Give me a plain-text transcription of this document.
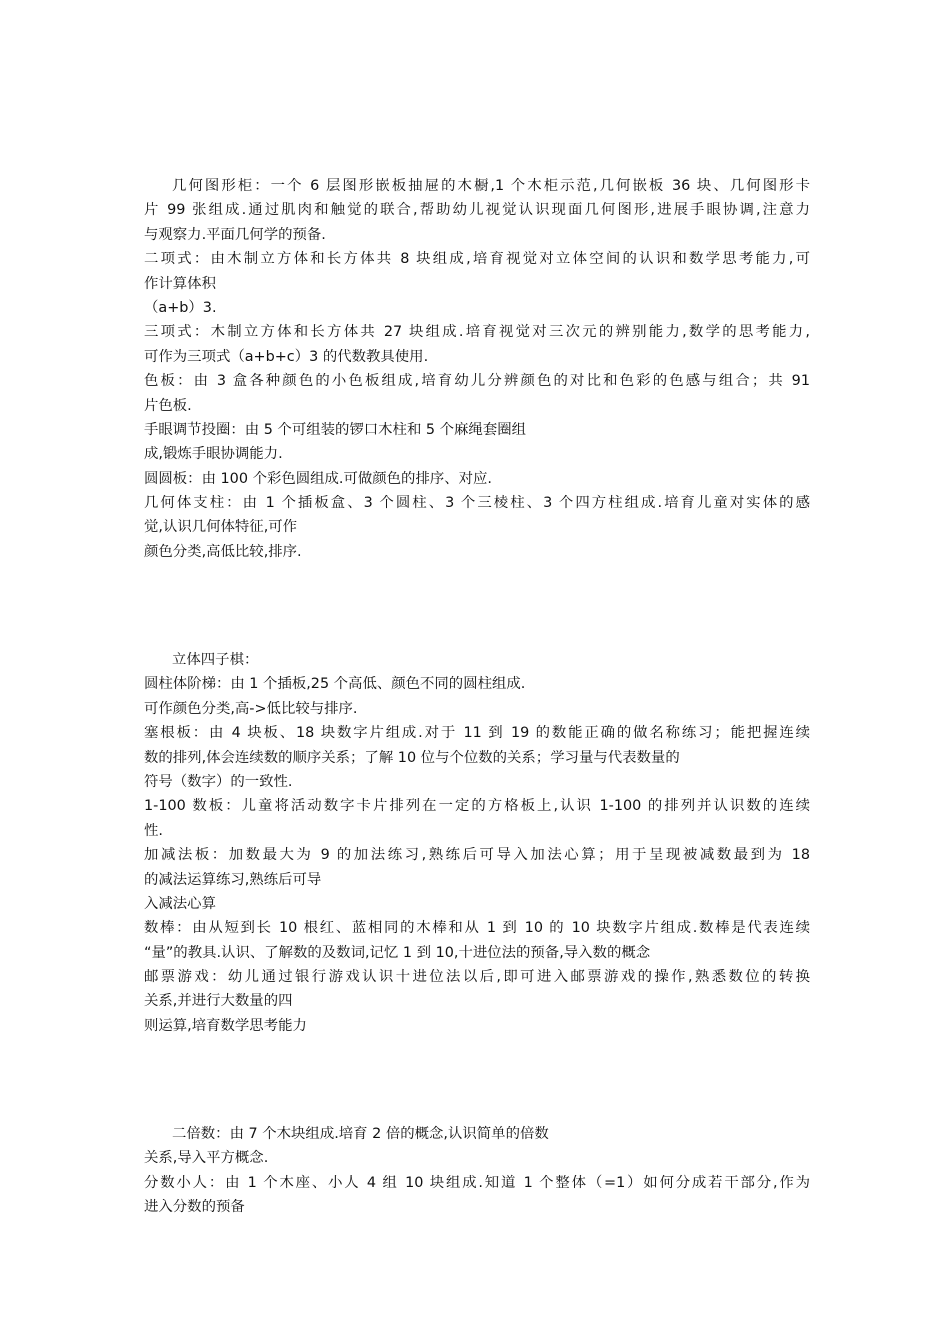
几何图形柜：一个 6 层图形嵌板抽屉的木橱,1 个木柜示范,几何嵌板 36 块、几何图形卡
片 99 张组成.通过肌肉和触觉的联合,帮助幼儿视觉认识现面几何图形,进展手眼协调,注意力
与观察力.平面几何学的预备.
二项式：由木制立方体和长方体共 8 块组成,培育视觉对立体空间的认识和数学思考能力,可
作计算体积
（a+b）3.
三项式：木制立方体和长方体共 27 块组成.培育视觉对三次元的辨别能力,数学的思考能力,
可作为三项式（a+b+c）3 的代数教具使用.
色板：由 3 盒各种颜色的小色板组成,培育幼儿分辨颜色的对比和色彩的色感与组合；共 91
片色板.
手眼调节投圈：由 5 个可组装的锣口木柱和 5 个麻绳套圈组
成,锻炼手眼协调能力.
圆圆板：由 100 个彩色圆组成.可做颜色的排序、对应.
几何体支柱：由 1 个插板盒、3 个圆柱、3 个三棱柱、3 个四方柱组成.培育儿童对实体的感
觉,认识几何体特征,可作
颜色分类,高低比较,排序.
立体四子棋：
圆柱体阶梯：由 1 个插板,25 个高低、颜色不同的圆柱组成.
可作颜色分类,高->低比较与排序.
塞根板：由 4 块板、18 块数字片组成.对于 11 到 19 的数能正确的做名称练习；能把握连续
数的排列,体会连续数的顺序关系；了解 10 位与个位数的关系；学习量与代表数量的
符号（数字）的一致性.
1-100 数板：儿童将活动数字卡片排列在一定的方格板上,认识 1-100 的排列并认识数的连续
性.
加减法板：加数最大为 9 的加法练习,熟练后可导入加法心算；用于呈现被减数最到为 18
的减法运算练习,熟练后可导
入减法心算
数棒：由从短到长 10 根红、蓝相同的木棒和从 1 到 10 的 10 块数字片组成.数棒是代表连续
“量”的教具.认识、了解数的及数词,记忆 1 到 10,十进位法的预备,导入数的概念
邮票游戏：幼儿通过银行游戏认识十进位法以后,即可进入邮票游戏的操作,熟悉数位的转换
关系,并进行大数量的四
则运算,培育数学思考能力
二倍数：由 7 个木块组成.培育 2 倍的概念,认识简单的倍数
关系,导入平方概念.
分数小人：由 1 个木座、小人 4 组 10 块组成.知道 1 个整体（=1）如何分成若干部分,作为
进入分数的预备
